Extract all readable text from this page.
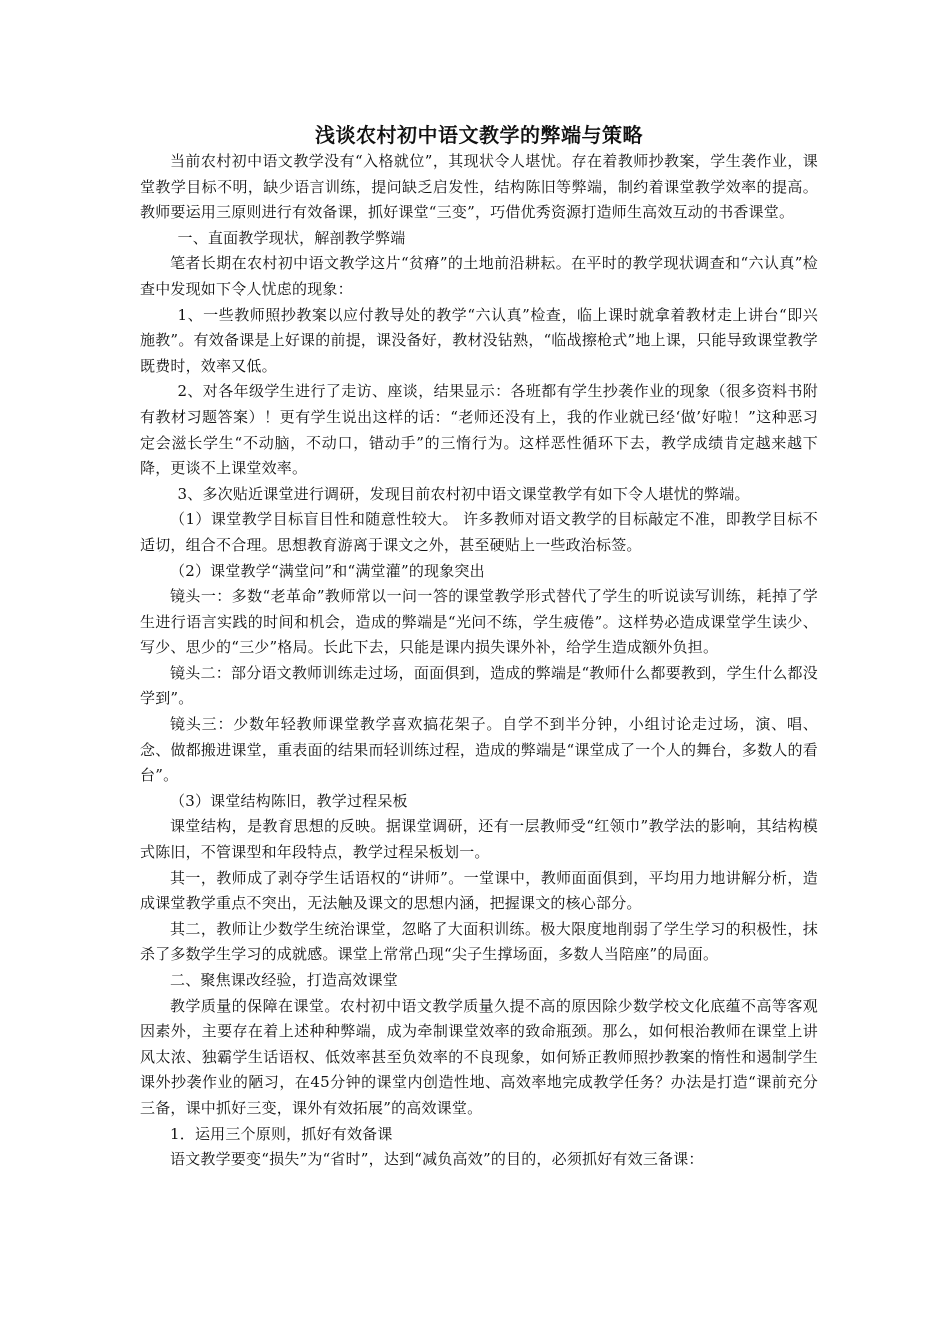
浅谈农村初中语文教学的弊端与策略

当前农村初中语文教学没有“入格就位”，其现状令人堪忧。存在着教师抄教案，学生袭作业，课堂教学目标不明，缺少语言训练，提问缺乏启发性，结构陈旧等弊端，制约着课堂教学效率的提高。教师要运用三原则进行有效备课，抓好课堂“三变”，巧借优秀资源打造师生高效互动的书香课堂。

一、直面教学现状，解剖教学弊端

笔者长期在农村初中语文教学这片“贫瘠”的土地前沿耕耘。在平时的教学现状调查和“六认真”检查中发现如下令人忧虑的现象：

1、一些教师照抄教案以应付教导处的教学“六认真”检查，临上课时就拿着教材走上讲台“即兴施教”。有效备课是上好课的前提，课没备好，教材没钻熟，“临战擦枪式”地上课，只能导致课堂教学既费时，效率又低。

2、对各年级学生进行了走访、座谈，结果显示：各班都有学生抄袭作业的现象（很多资料书附有教材习题答案）！更有学生说出这样的话：“老师还没有上，我的作业就已经‘做’好啦！”这种恶习定会滋长学生“不动脑，不动口，错动手”的三惰行为。这样恶性循环下去，教学成绩肯定越来越下降，更谈不上课堂效率。

3、多次贴近课堂进行调研，发现目前农村初中语文课堂教学有如下令人堪忧的弊端。

（1）课堂教学目标盲目性和随意性较大。 许多教师对语文教学的目标敲定不准，即教学目标不适切，组合不合理。思想教育游离于课文之外，甚至硬贴上一些政治标签。

（2）课堂教学“满堂问”和“满堂灌”的现象突出

镜头一：多数“老革命”教师常以一问一答的课堂教学形式替代了学生的听说读写训练，耗掉了学生进行语言实践的时间和机会，造成的弊端是“光问不练，学生疲倦”。这样势必造成课堂学生读少、写少、思少的“三少”格局。长此下去，只能是课内损失课外补，给学生造成额外负担。

镜头二：部分语文教师训练走过场，面面俱到，造成的弊端是“教师什么都要教到，学生什么都没学到”。

镜头三：少数年轻教师课堂教学喜欢搞花架子。自学不到半分钟，小组讨论走过场，演、唱、念、做都搬进课堂，重表面的结果而轻训练过程，造成的弊端是“课堂成了一个人的舞台，多数人的看台”。

（3）课堂结构陈旧，教学过程呆板

课堂结构，是教育思想的反映。据课堂调研，还有一层教师受“红领巾”教学法的影响，其结构模式陈旧，不管课型和年段特点，教学过程呆板划一。

其一，教师成了剥夺学生话语权的“讲师”。一堂课中，教师面面俱到，平均用力地讲解分析，造成课堂教学重点不突出，无法触及课文的思想内涵，把握课文的核心部分。

其二，教师让少数学生统治课堂，忽略了大面积训练。极大限度地削弱了学生学习的积极性，抹杀了多数学生学习的成就感。课堂上常常凸现“尖子生撑场面，多数人当陪座”的局面。

二、聚焦课改经验，打造高效课堂

教学质量的保障在课堂。农村初中语文教学质量久提不高的原因除少数学校文化底蕴不高等客观因素外，主要存在着上述种种弊端，成为牵制课堂效率的致命瓶颈。那么，如何根治教师在课堂上讲风太浓、独霸学生话语权、低效率甚至负效率的不良现象，如何矫正教师照抄教案的惰性和遏制学生课外抄袭作业的陋习，在45分钟的课堂内创造性地、高效率地完成教学任务？办法是打造“课前充分三备，课中抓好三变，课外有效拓展”的高效课堂。

1．运用三个原则，抓好有效备课

语文教学要变“损失”为“省时”，达到“减负高效”的目的，必须抓好有效三备课：
